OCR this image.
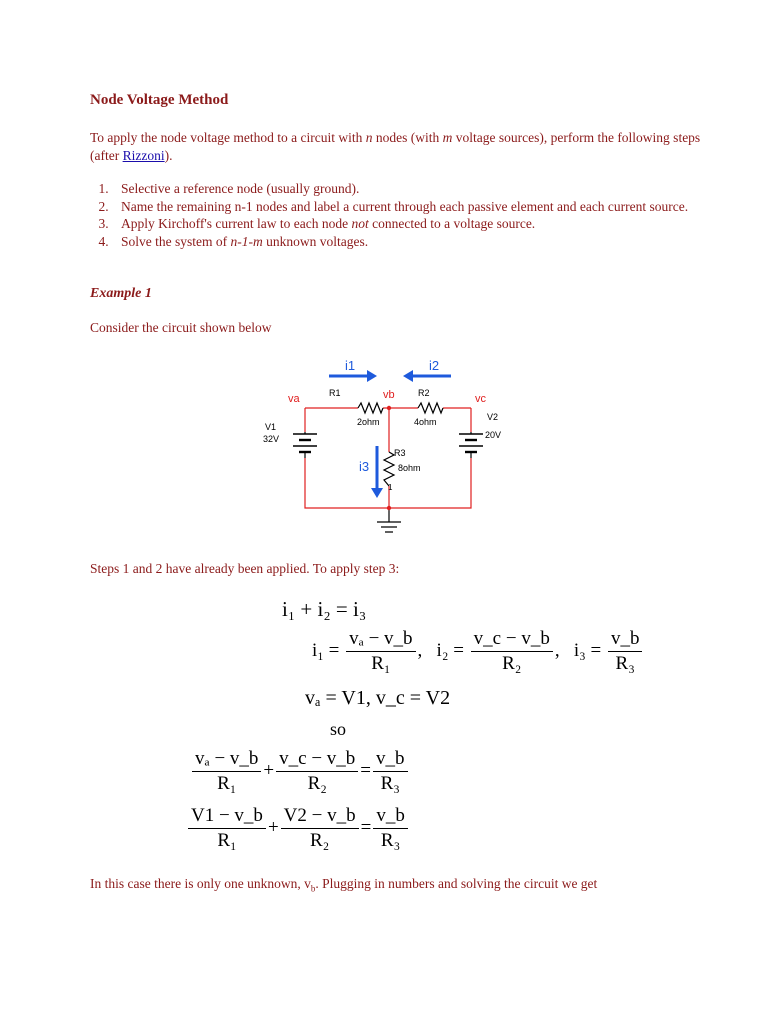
Node Voltage Method
To apply the node voltage method to a circuit with n nodes (with m voltage sources), perform the following steps (after Rizzoni).
1. Selective a reference node (usually ground).
2. Name the remaining n-1 nodes and label a current through each passive element and each current source.
3. Apply Kirchoff's current law to each node not connected to a voltage source.
4. Solve the system of n-1-m unknown voltages.
Example 1
Consider the circuit shown below
i1	i2
i3
va	vb	vc
R1
2ohm
R2
4ohm
R3
8ohm
1
V1
32V
V2
20V
Steps 1 and 2 have already been applied. To apply step 3:
i₁ + i₂ = i₃
$i_1 = \frac{\text{vₐ − v\_b}}{\text{R₁}}$ ,   $i_2 = \frac{v\_c - v\_b}{\text{R₂}}$ ,   $i_3 = \frac{v\_b}{\text{R₃}}$
vₐ = V1, v_c = V2
so
$\frac{\text{vₐ − v\_b}}{\text{R₁}} + \frac{v\_c - v\_b}{\text{R₂}} = \frac{v\_b}{\text{R₃}}$
$\frac{V1 - v\_b}{\text{R₁}} + \frac{V2 - v\_b}{\text{R₂}} = \frac{v\_b}{\text{R₃}}$
In this case there is only one unknown, $v_b$. Plugging in numbers and solving the circuit we get
